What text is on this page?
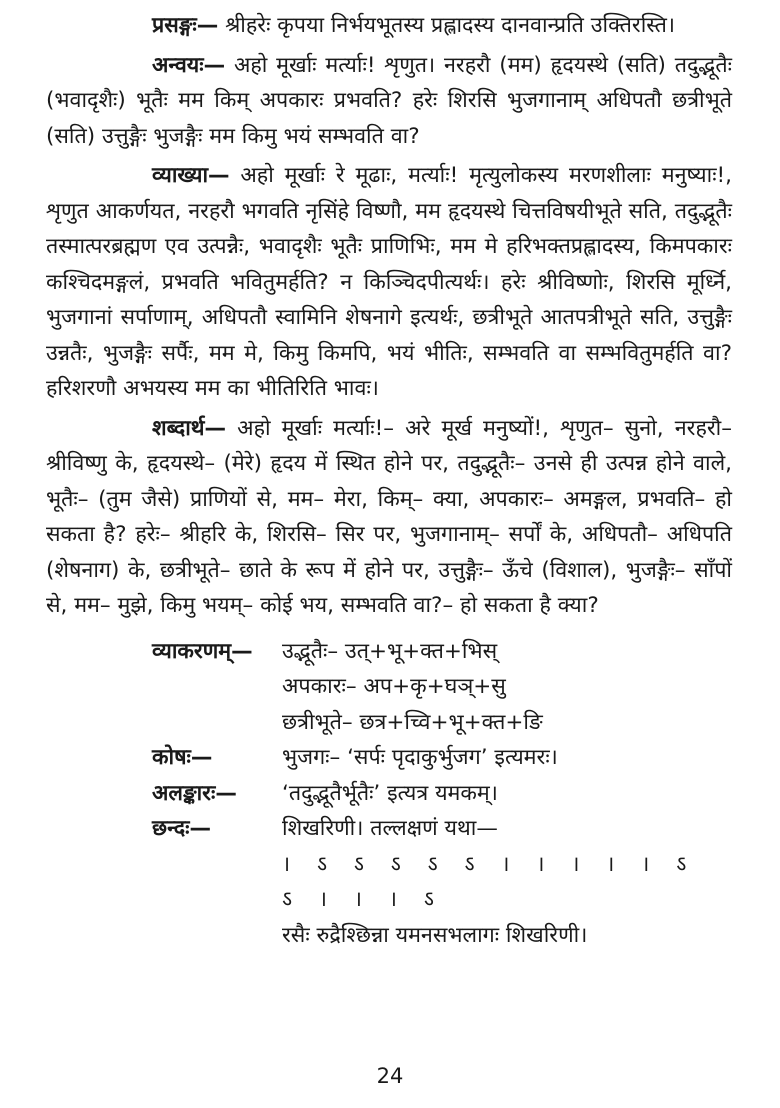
प्रसङ्गः— श्रीहरेः कृपया निर्भयभूतस्य प्रह्लादस्य दानवान्प्रति उक्तिरस्ति।

अन्वयः— अहो मूर्खाः मर्त्याः! शृणुत। नरहरौ (मम) हृदयस्थे (सति) तदुद्भूतैः (भवादृशैः) भूतैः मम किम् अपकारः प्रभवति? हरेः शिरसि भुजगानाम् अधिपतौ छत्रीभूते (सति) उत्तुङ्गैः भुजङ्गैः मम किमु भयं सम्भवति वा?

व्याख्या— अहो मूर्खाः रे मूढाः, मर्त्याः! मृत्युलोकस्य मरणशीलाः मनुष्याः!, शृणुत आकर्णयत, नरहरौ भगवति नृसिंहे विष्णौ, मम हृदयस्थे चित्तविषयीभूते सति, तदुद्भूतैः तस्मात्परब्रह्मण एव उत्पन्नैः, भवादृशैः भूतैः प्राणिभिः, मम मे हरिभक्तप्रह्लादस्य, किमपकारः कश्चिदमङ्गलं, प्रभवति भवितुमर्हति? न किञ्चिदपीत्यर्थः। हरेः श्रीविष्णोः, शिरसि मूर्ध्नि, भुजगानां सर्पाणाम्, अधिपतौ स्वामिनि शेषनागे इत्यर्थः, छत्रीभूते आतपत्रीभूते सति, उत्तुङ्गैः उन्नतैः, भुजङ्गैः सर्पैः, मम मे, किमु किमपि, भयं भीतिः, सम्भवति वा सम्भवितुमर्हति वा? हरिशरणौ अभयस्य मम का भीतिरिति भावः।

शब्दार्थ— अहो मूर्खाः मर्त्याः!– अरे मूर्ख मनुष्यों!, शृणुत– सुनो, नरहरौ– श्रीविष्णु के, हृदयस्थे– (मेरे) हृदय में स्थित होने पर, तदुद्भूतैः– उनसे ही उत्पन्न होने वाले, भूतैः– (तुम जैसे) प्राणियों से, मम– मेरा, किम्– क्या, अपकारः– अमङ्गल, प्रभवति– हो सकता है? हरेः– श्रीहरि के, शिरसि– सिर पर, भुजगानाम्– सर्पों के, अधिपतौ– अधिपति (शेषनाग) के, छत्रीभूते– छाते के रूप में होने पर, उत्तुङ्गैः– ऊँचे (विशाल), भुजङ्गैः– साँपों से, मम– मुझे, किमु भयम्– कोई भय, सम्भवति वा?– हो सकता है क्या?

व्याकरणम्—	उद्भूतैः– उत्+भू+क्त+भिस्
अपकारः– अप+कृ+घञ्+सु
छत्रीभूते– छत्र+च्वि+भू+क्त+ङि
कोषः—	भुजगः– ‘सर्पः पृदाकुर्भुजग’ इत्यमरः।
अलङ्कारः—	‘तदुद्भूतैर्भूतैः’ इत्यत्र यमकम्।
छन्दः—	शिखरिणी। तल्लक्षणं यथा—
। ऽ ऽ ऽ ऽ ऽ । । । । । ऽ ऽ । । । ऽ
रसैः रुद्रैश्छिन्ना यमनसभलागः शिखरिणी।
24
